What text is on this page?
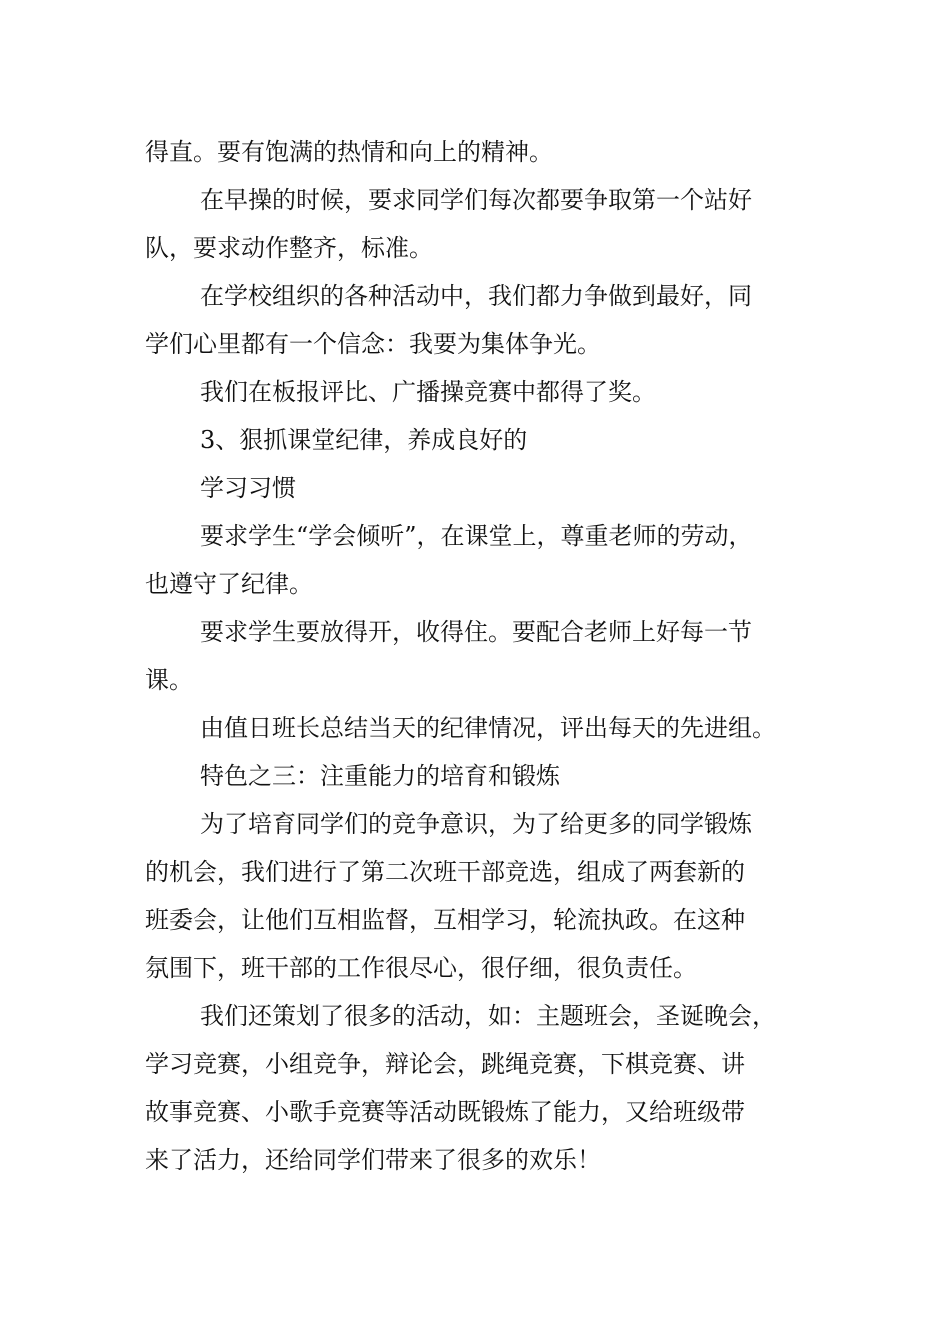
得直。要有饱满的热情和向上的精神。

在早操的时候，要求同学们每次都要争取第一个站好

队，要求动作整齐，标准。

在学校组织的各种活动中，我们都力争做到最好，同

学们心里都有一个信念：我要为集体争光。

我们在板报评比、广播操竞赛中都得了奖。

3、狠抓课堂纪律，养成良好的

学习习惯

要求学生“学会倾听”，在课堂上，尊重老师的劳动，

也遵守了纪律。

要求学生要放得开，收得住。要配合老师上好每一节

课。

由值日班长总结当天的纪律情况，评出每天的先进组。

特色之三：注重能力的培育和锻炼

为了培育同学们的竞争意识，为了给更多的同学锻炼

的机会，我们进行了第二次班干部竞选，组成了两套新的

班委会，让他们互相监督，互相学习，轮流执政。在这种

氛围下，班干部的工作很尽心，很仔细，很负责任。

我们还策划了很多的活动，如：主题班会，圣诞晚会，

学习竞赛，小组竞争，辩论会，跳绳竞赛，下棋竞赛、讲

故事竞赛、小歌手竞赛等活动既锻炼了能力，又给班级带

来了活力，还给同学们带来了很多的欢乐！
